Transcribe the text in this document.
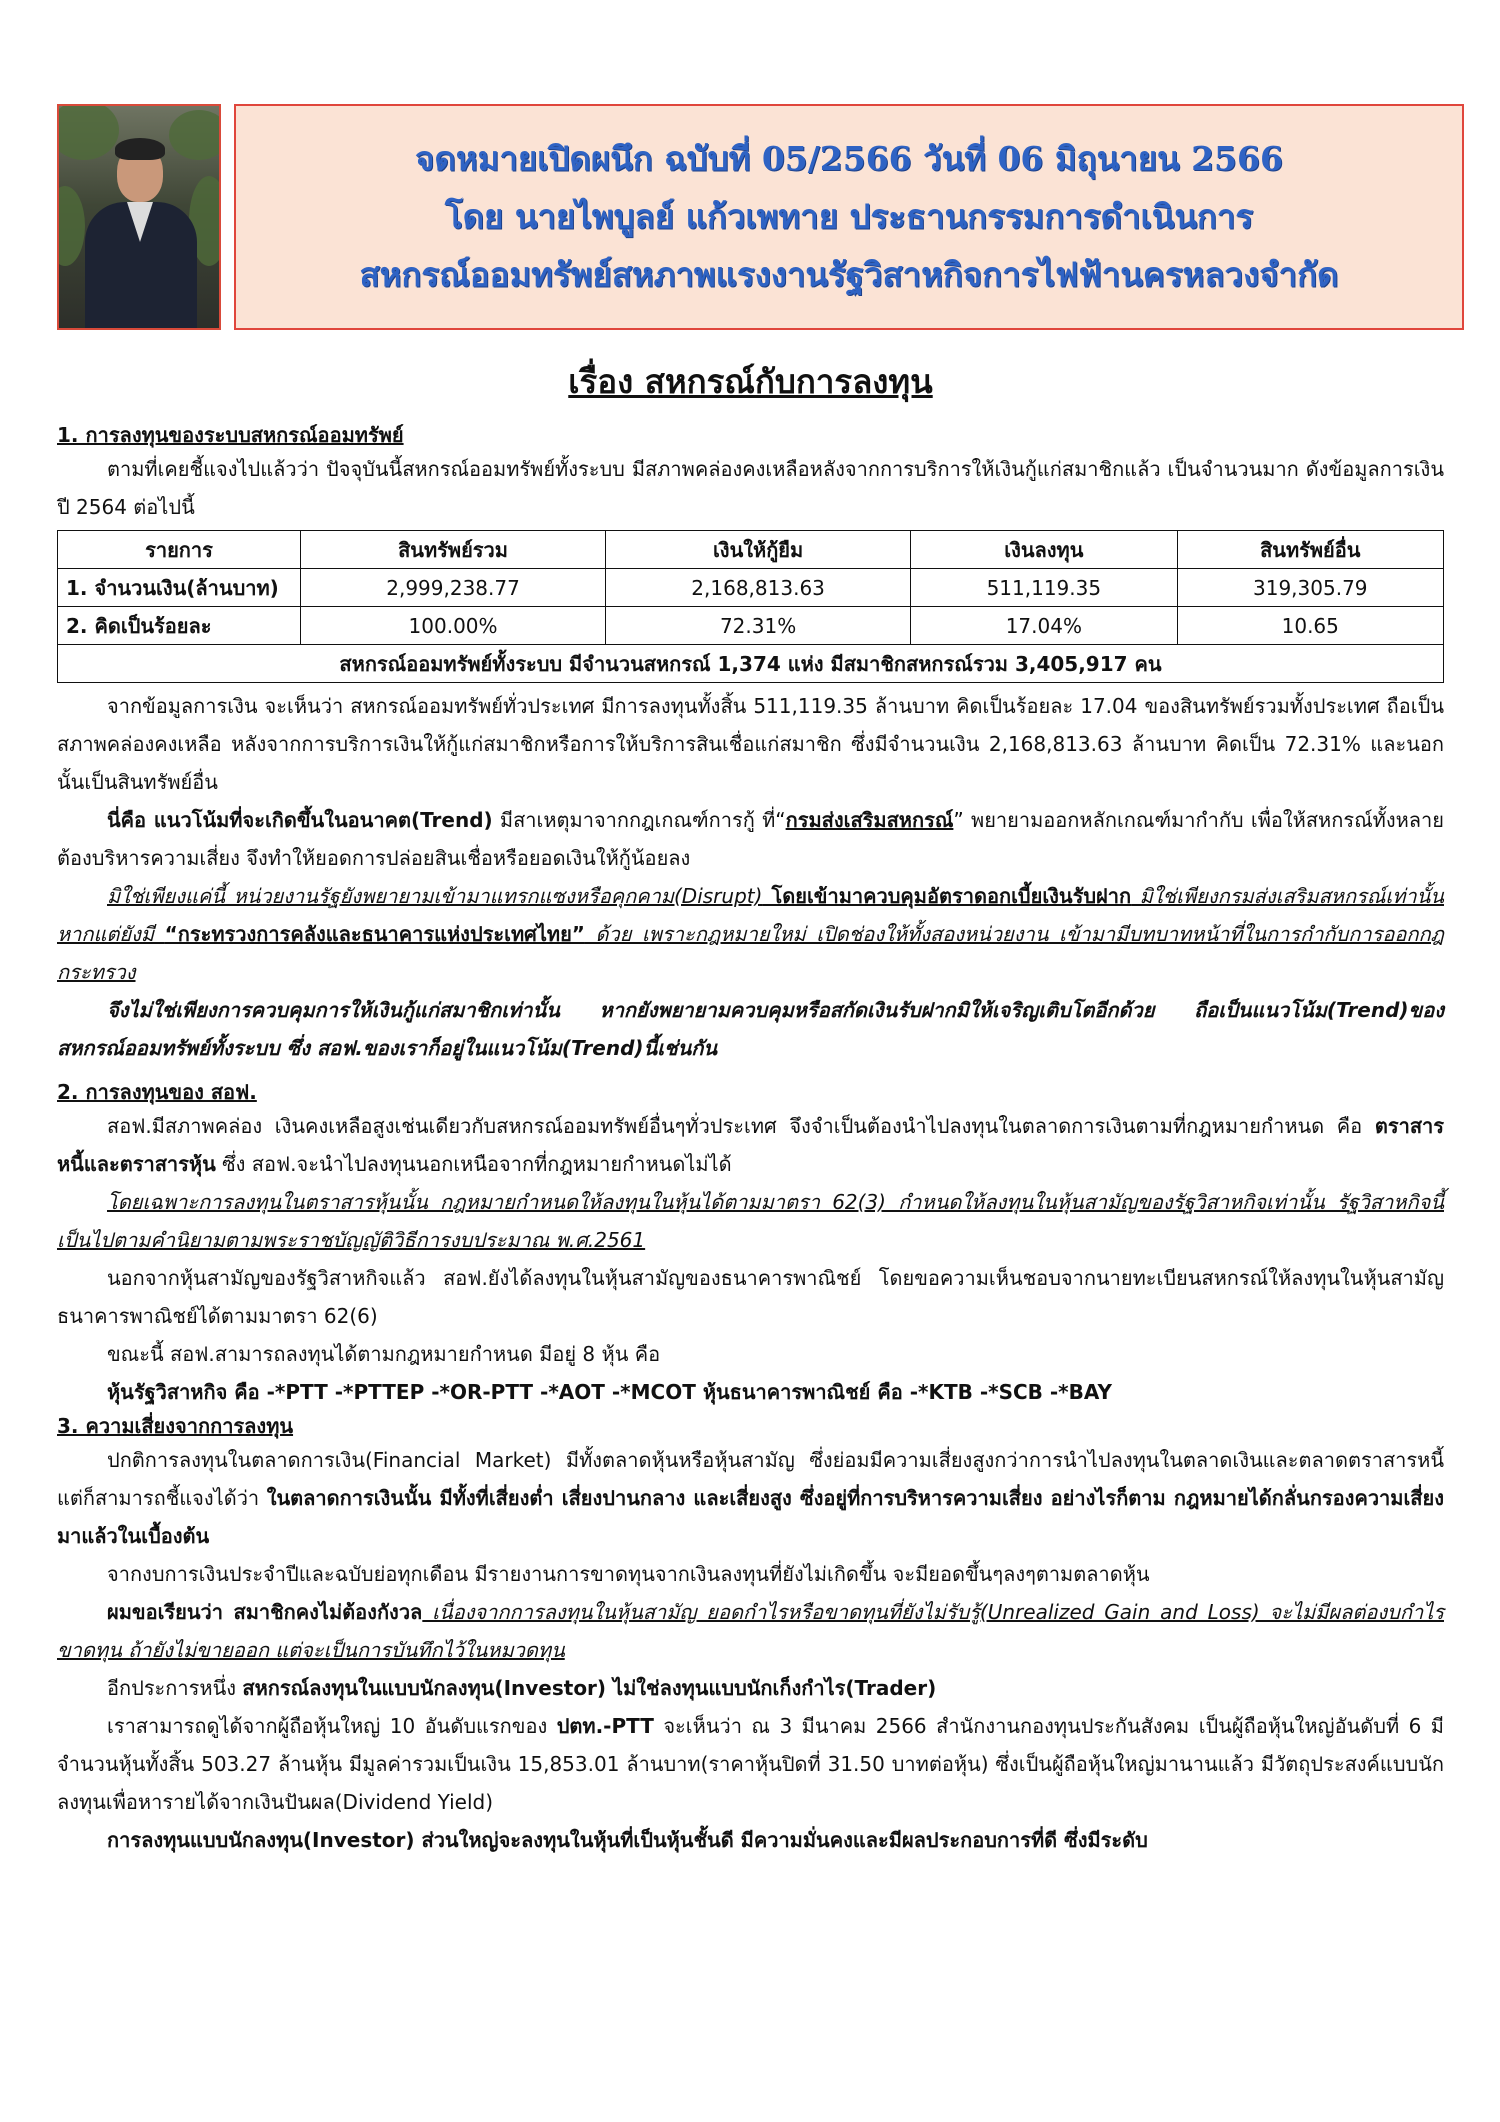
จดหมายเปิดผนึก ฉบับที่ 05/2566 วันที่ 06 มิถุนายน 2566
โดย นายไพบูลย์ แก้วเพทาย ประธานกรรมการดำเนินการ
สหกรณ์ออมทรัพย์สหภาพแรงงานรัฐวิสาหกิจการไฟฟ้านครหลวงจำกัด
เรื่อง สหกรณ์กับการลงทุน
1. การลงทุนของระบบสหกรณ์ออมทรัพย์

ตามที่เคยชี้แจงไปแล้วว่า ปัจจุบันนี้สหกรณ์ออมทรัพย์ทั้งระบบ มีสภาพคล่องคงเหลือหลังจากการบริการให้เงินกู้แก่สมาชิกแล้ว เป็นจำนวนมาก ดังข้อมูลการเงิน ปี 2564 ต่อไปนี้

รายการ	สินทรัพย์รวม	เงินให้กู้ยืม	เงินลงทุน	สินทรัพย์อื่น
1. จำนวนเงิน(ล้านบาท)	2,999,238.77	2,168,813.63	511,119.35	319,305.79
2. คิดเป็นร้อยละ	100.00%	72.31%	17.04%	10.65
สหกรณ์ออมทรัพย์ทั้งระบบ มีจำนวนสหกรณ์ 1,374 แห่ง มีสมาชิกสหกรณ์รวม 3,405,917 คน				

จากข้อมูลการเงิน จะเห็นว่า สหกรณ์ออมทรัพย์ทั่วประเทศ มีการลงทุนทั้งสิ้น 511,119.35 ล้านบาท คิดเป็นร้อยละ 17.04 ของสินทรัพย์รวมทั้งประเทศ ถือเป็นสภาพคล่องคงเหลือ หลังจากการบริการเงินให้กู้แก่สมาชิกหรือการให้บริการสินเชื่อแก่สมาชิก ซึ่งมีจำนวนเงิน 2,168,813.63 ล้านบาท คิดเป็น 72.31% และนอกนั้นเป็นสินทรัพย์อื่น

นี่คือ แนวโน้มที่จะเกิดขึ้นในอนาคต(Trend) มีสาเหตุมาจากกฎเกณฑ์การกู้ ที่“กรมส่งเสริมสหกรณ์” พยายามออกหลักเกณฑ์มากำกับ เพื่อให้สหกรณ์ทั้งหลายต้องบริหารความเสี่ยง จึงทำให้ยอดการปล่อยสินเชื่อหรือยอดเงินให้กู้น้อยลง

มิใช่เพียงแค่นี้ หน่วยงานรัฐยังพยายามเข้ามาแทรกแซงหรือคุกคาม(Disrupt) โดยเข้ามาควบคุมอัตราดอกเบี้ยเงินรับฝาก มิใช่เพียงกรมส่งเสริมสหกรณ์เท่านั้น หากแต่ยังมี “กระทรวงการคลังและธนาคารแห่งประเทศไทย” ด้วย เพราะกฎหมายใหม่ เปิดช่องให้ทั้งสองหน่วยงาน เข้ามามีบทบาทหน้าที่ในการกำกับการออกกฎกระทรวง

จึงไม่ใช่เพียงการควบคุมการให้เงินกู้แก่สมาชิกเท่านั้น หากยังพยายามควบคุมหรือสกัดเงินรับฝากมิให้เจริญเติบโตอีกด้วย ถือเป็นแนวโน้ม(Trend)ของสหกรณ์ออมทรัพย์ทั้งระบบ ซึ่ง สอฟ.ของเราก็อยู่ในแนวโน้ม(Trend)นี้เช่นกัน

2. การลงทุนของ สอฟ.

สอฟ.มีสภาพคล่อง เงินคงเหลือสูงเช่นเดียวกับสหกรณ์ออมทรัพย์อื่นๆทั่วประเทศ จึงจำเป็นต้องนำไปลงทุนในตลาดการเงินตามที่กฎหมายกำหนด คือ ตราสารหนี้และตราสารหุ้น ซึ่ง สอฟ.จะนำไปลงทุนนอกเหนือจากที่กฎหมายกำหนดไม่ได้

โดยเฉพาะการลงทุนในตราสารหุ้นนั้น กฎหมายกำหนดให้ลงทุนในหุ้นได้ตามมาตรา 62(3) กำหนดให้ลงทุนในหุ้นสามัญของรัฐวิสาหกิจเท่านั้น รัฐวิสาหกิจนี้เป็นไปตามคำนิยามตามพระราชบัญญัติวิธีการงบประมาณ พ.ศ.2561

นอกจากหุ้นสามัญของรัฐวิสาหกิจแล้ว สอฟ.ยังได้ลงทุนในหุ้นสามัญของธนาคารพาณิชย์ โดยขอความเห็นชอบจากนายทะเบียนสหกรณ์ให้ลงทุนในหุ้นสามัญธนาคารพาณิชย์ได้ตามมาตรา 62(6)

ขณะนี้ สอฟ.สามารถลงทุนได้ตามกฎหมายกำหนด มีอยู่ 8 หุ้น คือ

หุ้นรัฐวิสาหกิจ คือ -*PTT -*PTTEP -*OR-PTT -*AOT -*MCOT หุ้นธนาคารพาณิชย์ คือ -*KTB -*SCB -*BAY

3. ความเสี่ยงจากการลงทุน

ปกติการลงทุนในตลาดการเงิน(Financial Market) มีทั้งตลาดหุ้นหรือหุ้นสามัญ ซึ่งย่อมมีความเสี่ยงสูงกว่าการนำไปลงทุนในตลาดเงินและตลาดตราสารหนี้ แต่ก็สามารถชี้แจงได้ว่า ในตลาดการเงินนั้น มีทั้งที่เสี่ยงต่ำ เสี่ยงปานกลาง และเสี่ยงสูง ซึ่งอยู่ที่การบริหารความเสี่ยง อย่างไรก็ตาม กฎหมายได้กลั่นกรองความเสี่ยงมาแล้วในเบื้องต้น

จากงบการเงินประจำปีและฉบับย่อทุกเดือน มีรายงานการขาดทุนจากเงินลงทุนที่ยังไม่เกิดขึ้น จะมียอดขึ้นๆลงๆตามตลาดหุ้น

ผมขอเรียนว่า สมาชิกคงไม่ต้องกังวล เนื่องจากการลงทุนในหุ้นสามัญ ยอดกำไรหรือขาดทุนที่ยังไม่รับรู้(Unrealized Gain and Loss) จะไม่มีผลต่องบกำไรขาดทุน ถ้ายังไม่ขายออก แต่จะเป็นการบันทึกไว้ในหมวดทุน

อีกประการหนึ่ง สหกรณ์ลงทุนในแบบนักลงทุน(Investor) ไม่ใช่ลงทุนแบบนักเก็งกำไร(Trader)

เราสามารถดูได้จากผู้ถือหุ้นใหญ่ 10 อันดับแรกของ ปตท.-PTT จะเห็นว่า ณ 3 มีนาคม 2566 สำนักงานกองทุนประกันสังคม เป็นผู้ถือหุ้นใหญ่อันดับที่ 6 มีจำนวนหุ้นทั้งสิ้น 503.27 ล้านหุ้น มีมูลค่ารวมเป็นเงิน 15,853.01 ล้านบาท(ราคาหุ้นปิดที่ 31.50 บาทต่อหุ้น) ซึ่งเป็นผู้ถือหุ้นใหญ่มานานแล้ว มีวัตถุประสงค์แบบนักลงทุนเพื่อหารายได้จากเงินปันผล(Dividend Yield)

การลงทุนแบบนักลงทุน(Investor) ส่วนใหญ่จะลงทุนในหุ้นที่เป็นหุ้นชั้นดี มีความมั่นคงและมีผลประกอบการที่ดี ซึ่งมีระดับ
